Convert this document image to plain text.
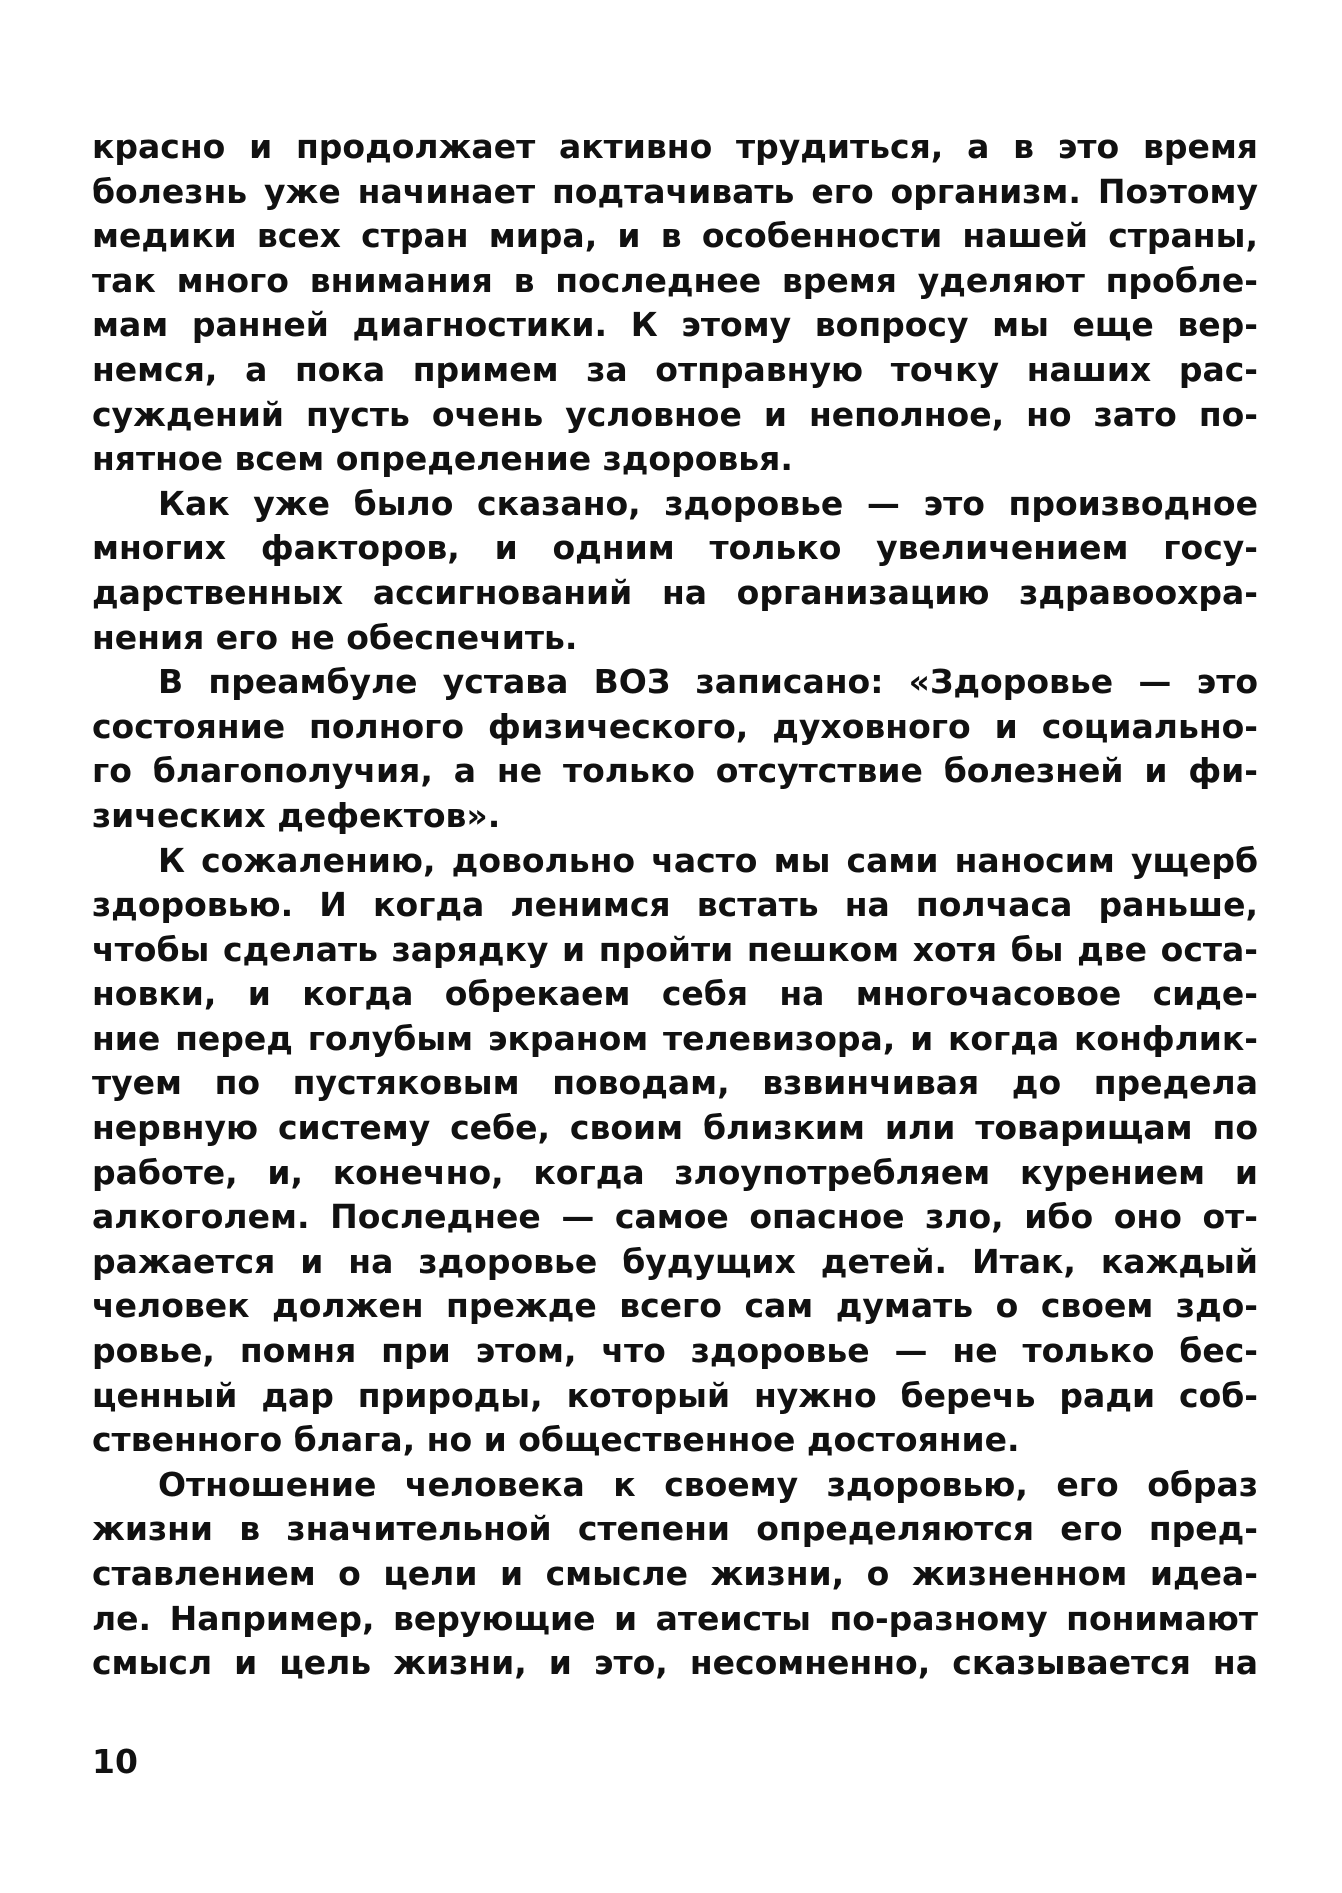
красно и продолжает активно трудиться, а в это время
болезнь уже начинает подтачивать его организм. Поэтому
медики всех стран мира, и в особенности нашей страны,
так много внимания в последнее время уделяют пробле-
мам ранней диагностики. К этому вопросу мы еще вер-
немся, а пока примем за отправную точку наших рас-
суждений пусть очень условное и неполное, но зато по-
нятное всем определение здоровья.

Как уже было сказано, здоровье — это производное
многих факторов, и одним только увеличением госу-
дарственных ассигнований на организацию здравоохра-
нения его не обеспечить.

В преамбуле устава ВОЗ записано: «Здоровье — это
состояние полного физического, духовного и социально-
го благополучия, а не только отсутствие болезней и фи-
зических дефектов».

К сожалению, довольно часто мы сами наносим ущерб
здоровью. И когда ленимся встать на полчаса раньше,
чтобы сделать зарядку и пройти пешком хотя бы две оста-
новки, и когда обрекаем себя на многочасовое сиде-
ние перед голубым экраном телевизора, и когда конфлик-
туем по пустяковым поводам, взвинчивая до предела
нервную систему себе, своим близким или товарищам по
работе, и, конечно, когда злоупотребляем курением и
алкоголем. Последнее — самое опасное зло, ибо оно от-
ражается и на здоровье будущих детей. Итак, каждый
человек должен прежде всего сам думать о своем здо-
ровье, помня при этом, что здоровье — не только бес-
ценный дар природы, который нужно беречь ради соб-
ственного блага, но и общественное достояние.

Отношение человека к своему здоровью, его образ
жизни в значительной степени определяются его пред-
ставлением о цели и смысле жизни, о жизненном идеа-
ле. Например, верующие и атеисты по-разному понимают
смысл и цель жизни, и это, несомненно, сказывается на

10
